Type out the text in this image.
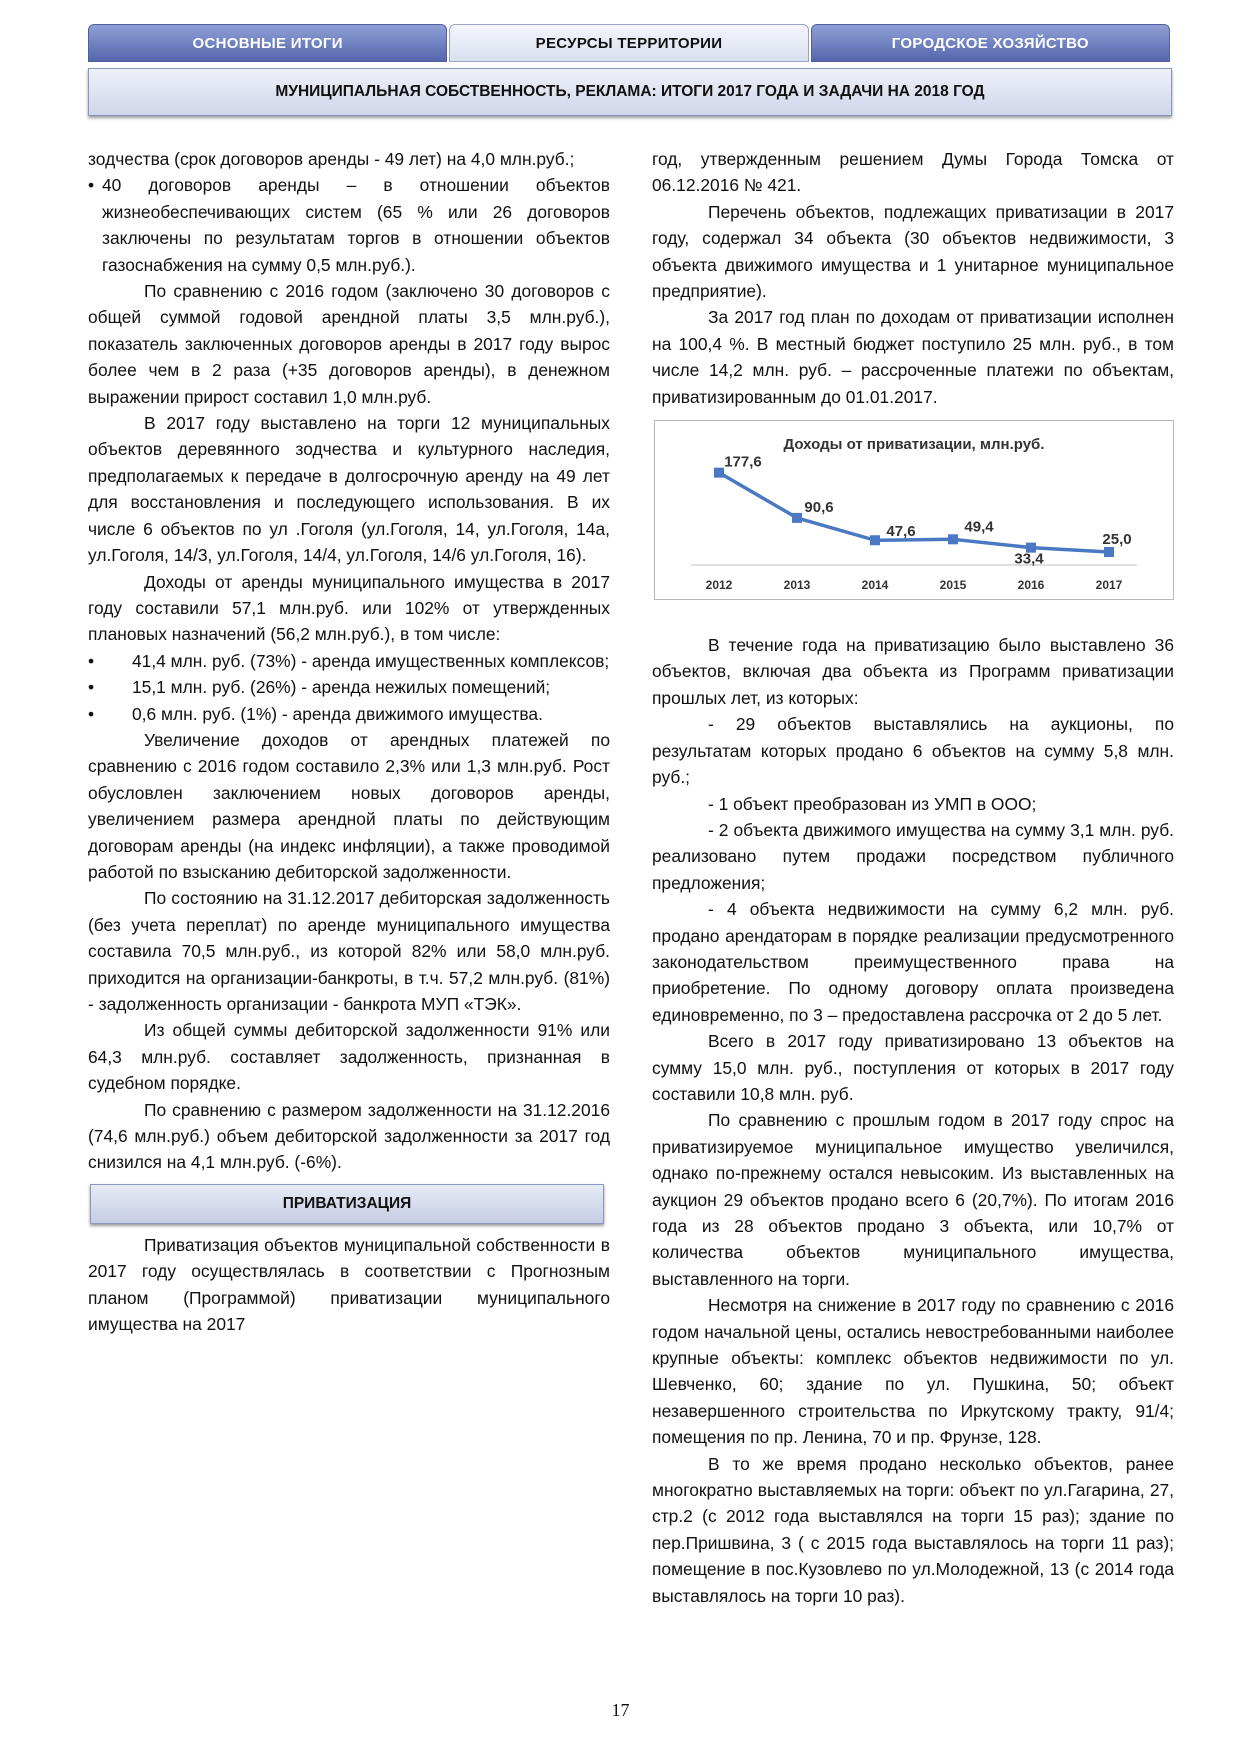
ОСНОВНЫЕ ИТОГИ	РЕСУРСЫ ТЕРРИТОРИИ	ГОРОДСКОЕ ХОЗЯЙСТВО
МУНИЦИПАЛЬНАЯ СОБСТВЕННОСТЬ, РЕКЛАМА: ИТОГИ 2017 ГОДА И ЗАДАЧИ НА 2018 ГОД

зодчества (срок договоров аренды - 49 лет) на 4,0 млн.руб.;

• 40 договоров аренды – в отношении объектов жизнеобеспечивающих систем (65 % или 26 договоров заключены по результатам торгов в отношении объектов газоснабжения на сумму 0,5 млн.руб.).

По сравнению с 2016 годом (заключено 30 договоров с общей суммой годовой арендной платы 3,5 млн.руб.), показатель заключенных договоров аренды в 2017 году вырос более чем в 2 раза (+35 договоров аренды), в денежном выражении прирост составил 1,0 млн.руб.

В 2017 году выставлено на торги 12 муниципальных объектов деревянного зодчества и культурного наследия, предполагаемых к передаче в долгосрочную аренду на 49 лет для восстановления и последующего использования. В их числе 6 объектов по ул .Гоголя (ул.Гоголя, 14, ул.Гоголя, 14а, ул.Гоголя, 14/3, ул.Гоголя, 14/4, ул.Гоголя, 14/6 ул.Гоголя, 16).

Доходы от аренды муниципального имущества в 2017 году составили 57,1 млн.руб. или 102% от утвержденных плановых назначений (56,2 млн.руб.), в том числе:

•	41,4 млн. руб. (73%) - аренда имущественных комплексов;
•	15,1 млн. руб. (26%) - аренда нежилых помещений;
•	0,6 млн. руб. (1%) - аренда движимого имущества.

Увеличение доходов от арендных платежей по сравнению с 2016 годом составило 2,3% или 1,3 млн.руб. Рост обусловлен заключением новых договоров аренды, увеличением размера арендной платы по действующим договорам аренды (на индекс инфляции), а также проводимой работой по взысканию дебиторской задолженности.

По состоянию на 31.12.2017 дебиторская задолженность (без учета переплат) по аренде муниципального имущества составила 70,5 млн.руб., из которой 82% или 58,0 млн.руб. приходится на организации-банкроты, в т.ч. 57,2 млн.руб. (81%) - задолженность организации - банкрота МУП «ТЭК».

Из общей суммы дебиторской задолженности 91% или 64,3 млн.руб. составляет задолженность, признанная в судебном порядке.

По сравнению с размером задолженности на 31.12.2016 (74,6 млн.руб.) объем дебиторской задолженности за 2017 год снизился на 4,1 млн.руб. (-6%).

ПРИВАТИЗАЦИЯ

Приватизация объектов муниципальной собственности в 2017 году осуществлялась в соответствии с Прогнозным планом (Программой) приватизации муниципального имущества на 2017

год, утвержденным решением Думы Города Томска от 06.12.2016 № 421.

Перечень объектов, подлежащих приватизации в 2017 году, содержал 34 объекта (30 объектов недвижимости, 3 объекта движимого имущества и 1 унитарное муниципальное предприятие).

За 2017 год план по доходам от приватизации исполнен на 100,4 %. В местный бюджет поступило 25 млн. руб., в том числе 14,2 млн. руб. – рассроченные платежи по объектам, приватизированным до 01.01.2017.

Доходы от приватизации, млн.руб.
177,6
2012
90,6
2013
47,6
2014
49,4
2015
33,4
2016
25,0
2017

В течение года на приватизацию было выставлено 36 объектов, включая два объекта из Программ приватизации прошлых лет, из которых:

- 29 объектов выставлялись на аукционы, по результатам которых продано 6 объектов на сумму 5,8 млн. руб.;

- 1 объект преобразован из УМП в ООО;

- 2 объекта движимого имущества на сумму 3,1 млн. руб. реализовано путем продажи посредством публичного предложения;

- 4 объекта недвижимости на сумму 6,2 млн. руб. продано арендаторам в порядке реализации предусмотренного законодательством преимущественного права на приобретение. По одному договору оплата произведена единовременно, по 3 – предоставлена рассрочка от 2 до 5 лет.

Всего в 2017 году приватизировано 13 объектов на сумму 15,0 млн. руб., поступления от которых в 2017 году составили 10,8 млн. руб.

По сравнению с прошлым годом в 2017 году спрос на приватизируемое муниципальное имущество увеличился, однако по-прежнему остался невысоким. Из выставленных на аукцион 29 объектов продано всего 6 (20,7%). По итогам 2016 года из 28 объектов продано 3 объекта, или 10,7% от количества объектов муниципального имущества, выставленного на торги.

Несмотря на снижение в 2017 году по сравнению с 2016 годом начальной цены, остались невостребованными наиболее крупные объекты: комплекс объектов недвижимости по ул. Шевченко, 60; здание по ул. Пушкина, 50; объект незавершенного строительства по Иркутскому тракту, 91/4; помещения по пр. Ленина, 70 и пр. Фрунзе, 128.

В то же время продано несколько объектов, ранее многократно выставляемых на торги: объект по ул.Гагарина, 27, стр.2 (с 2012 года выставлялся на торги 15 раз); здание по пер.Пришвина, 3 ( с 2015 года выставлялось на торги 11 раз); помещение в пос.Кузовлево по ул.Молодежной, 13 (с 2014 года выставлялось на торги 10 раз).

17
